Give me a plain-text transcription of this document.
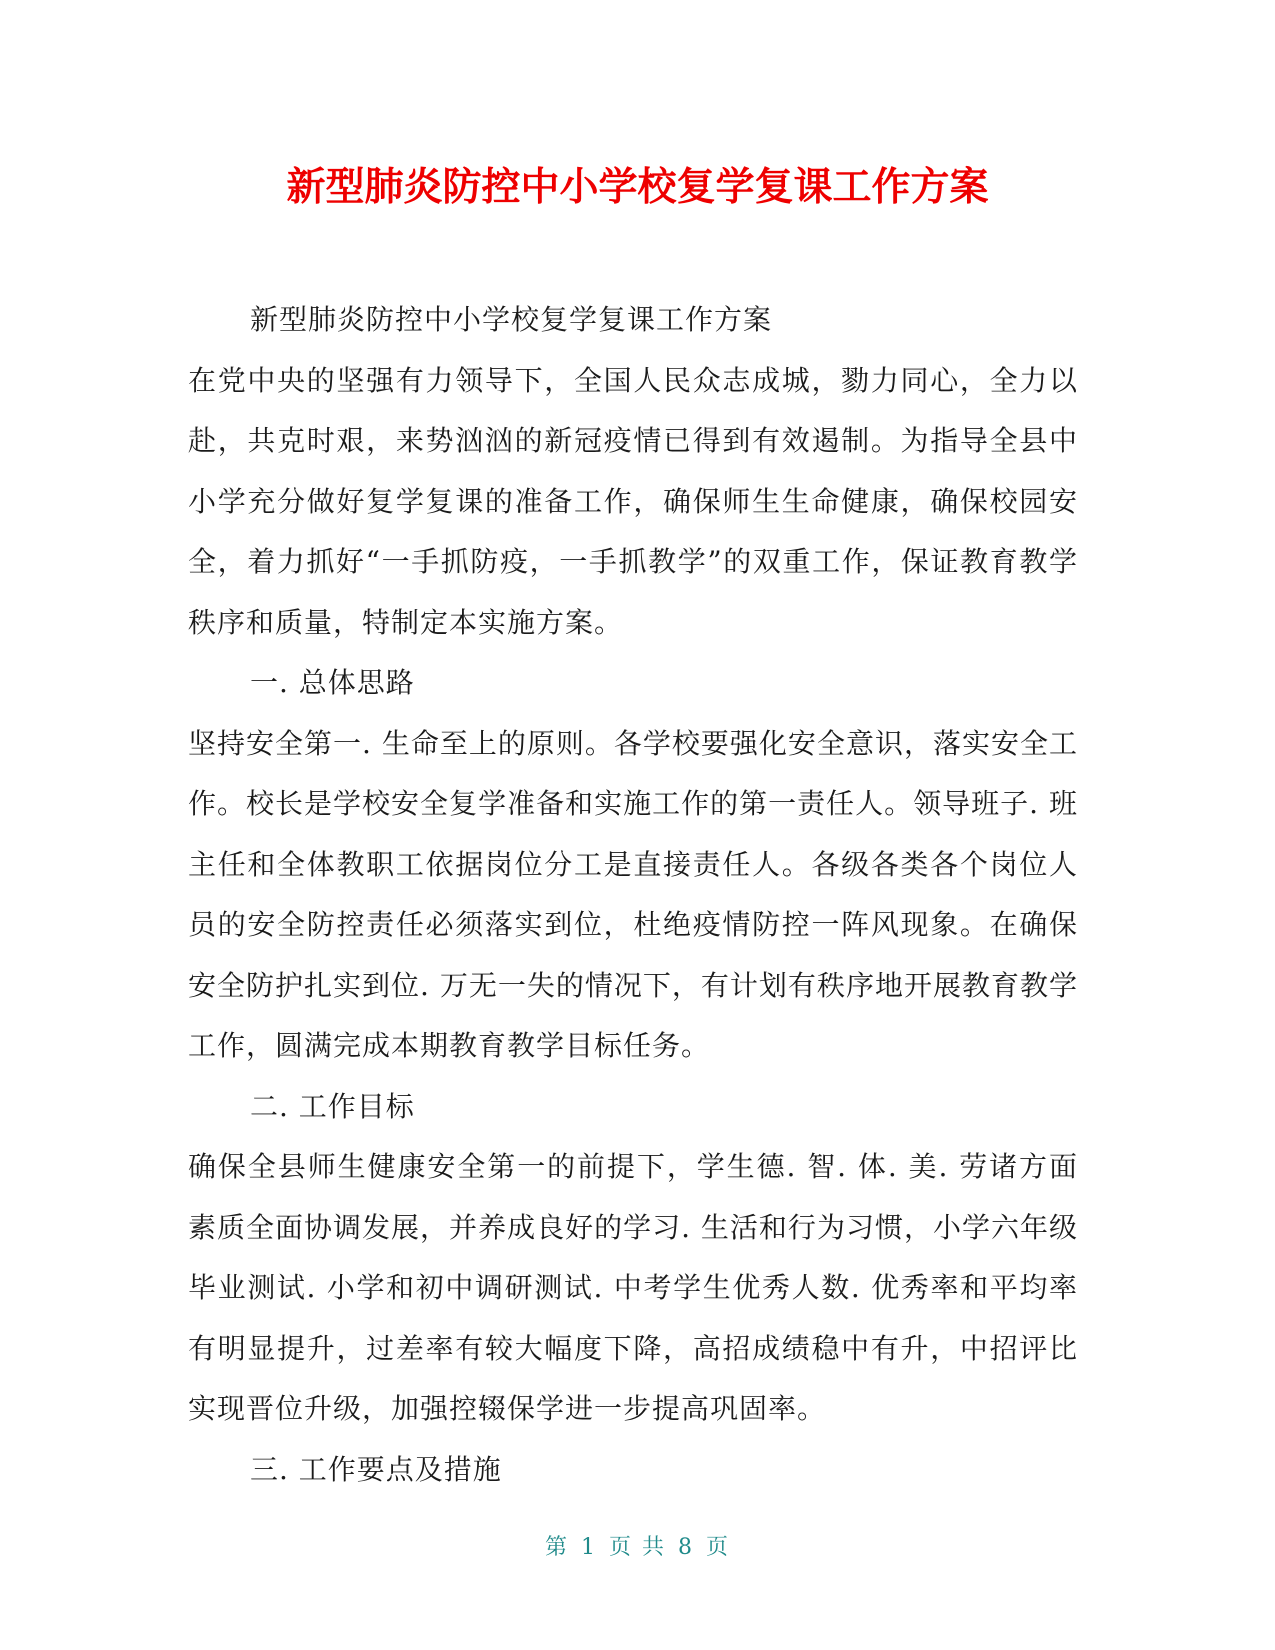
新型肺炎防控中小学校复学复课工作方案

新型肺炎防控中小学校复学复课工作方案

在党中央的坚强有力领导下，全国人民众志成城，勠力同心，全力以赴，共克时艰，来势汹汹的新冠疫情已得到有效遏制。为指导全县中小学充分做好复学复课的准备工作，确保师生生命健康，确保校园安全，着力抓好“一手抓防疫，一手抓教学”的双重工作，保证教育教学秩序和质量，特制定本实施方案。

一. 总体思路

坚持安全第一. 生命至上的原则。各学校要强化安全意识，落实安全工作。校长是学校安全复学准备和实施工作的第一责任人。领导班子. 班主任和全体教职工依据岗位分工是直接责任人。各级各类各个岗位人员的安全防控责任必须落实到位，杜绝疫情防控一阵风现象。在确保安全防护扎实到位. 万无一失的情况下，有计划有秩序地开展教育教学工作，圆满完成本期教育教学目标任务。

二. 工作目标

确保全县师生健康安全第一的前提下，学生德. 智. 体. 美. 劳诸方面素质全面协调发展，并养成良好的学习. 生活和行为习惯，小学六年级毕业测试. 小学和初中调研测试. 中考学生优秀人数. 优秀率和平均率有明显提升，过差率有较大幅度下降，高招成绩稳中有升，中招评比实现晋位升级，加强控辍保学进一步提高巩固率。

三. 工作要点及措施

第 1 页 共 8 页
